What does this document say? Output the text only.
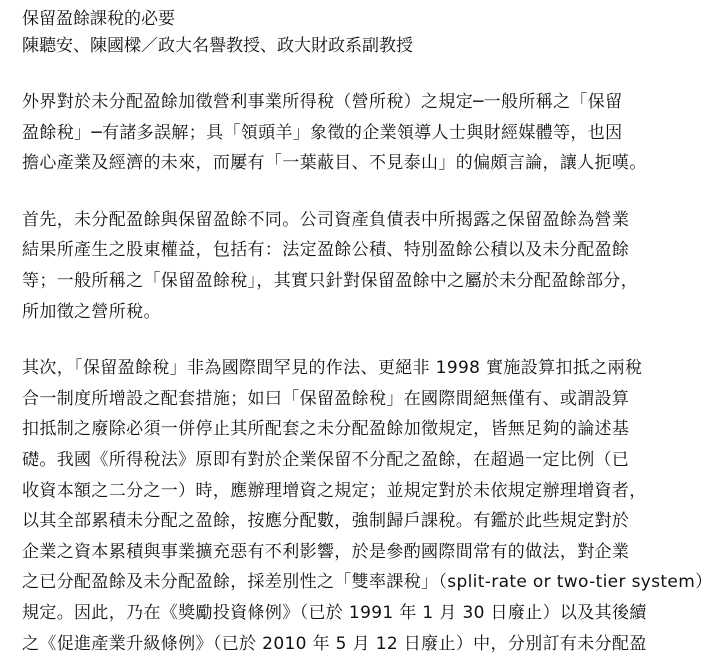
保留盈餘課稅的必要
陳聽安、陳國樑／政大名譽教授、政大財政系副教授
外界對於未分配盈餘加徵營利事業所得稅（營所稅）之規定─一般所稱之「保留
盈餘稅」─有諸多誤解；具「領頭羊」象徵的企業領導人士與財經媒體等，也因
擔心產業及經濟的未來，而屢有「一葉蔽目、不見泰山」的偏頗言論，讓人扼嘆。
首先，未分配盈餘與保留盈餘不同。公司資產負債表中所揭露之保留盈餘為營業
結果所產生之股東權益，包括有：法定盈餘公積、特別盈餘公積以及未分配盈餘
等；一般所稱之「保留盈餘稅」，其實只針對保留盈餘中之屬於未分配盈餘部分，
所加徵之營所稅。
其次，「保留盈餘稅」非為國際間罕見的作法、更絕非 1998 實施設算扣抵之兩稅
合一制度所增設之配套措施；如曰「保留盈餘稅」在國際間絕無僅有、或謂設算
扣抵制之廢除必須一併停止其所配套之未分配盈餘加徵規定，皆無足夠的論述基
礎。我國《所得稅法》原即有對於企業保留不分配之盈餘，在超過一定比例（已
收資本額之二分之一）時，應辦理增資之規定；並規定對於未依規定辦理增資者，
以其全部累積未分配之盈餘，按應分配數，強制歸戶課稅。有鑑於此些規定對於
企業之資本累積與事業擴充惡有不利影響，於是參酌國際間常有的做法，對企業
之已分配盈餘及未分配盈餘，採差別性之「雙率課稅」（split-rate or two-tier system）
規定。因此，乃在《獎勵投資條例》（已於 1991 年 1 月 30 日廢止）以及其後續
之《促進產業升級條例》（已於 2010 年 5 月 12 日廢止）中，分別訂有未分配盈
